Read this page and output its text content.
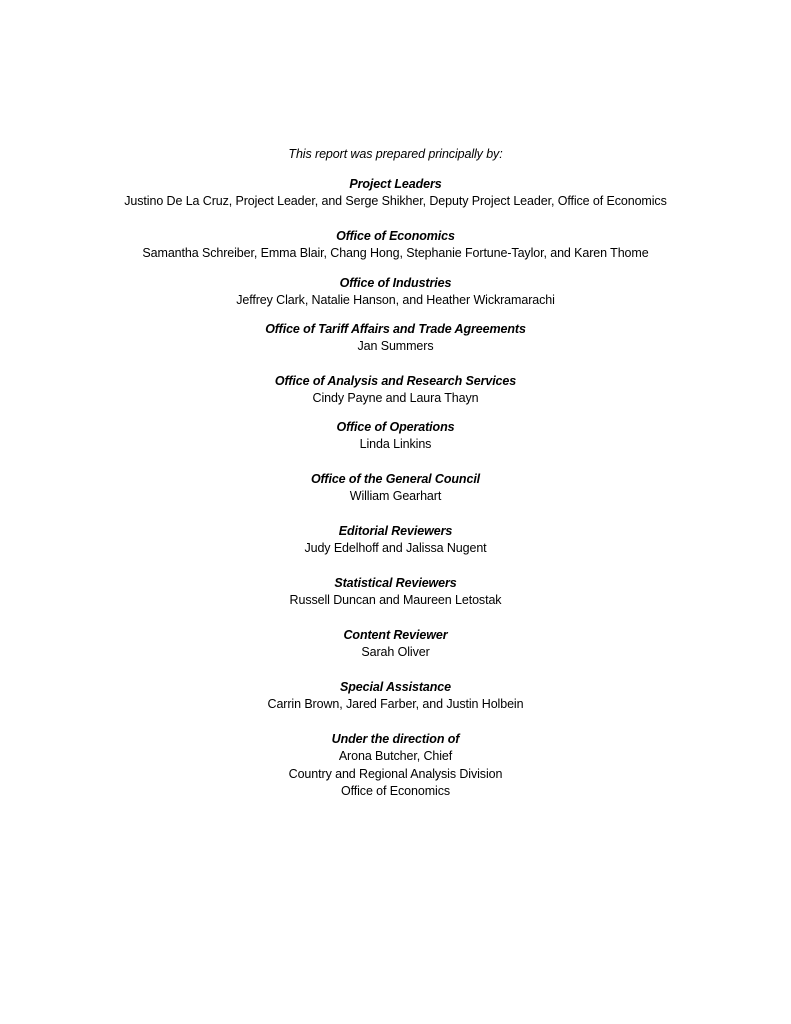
This report was prepared principally by:
Project Leaders
Justino De La Cruz, Project Leader, and Serge Shikher, Deputy Project Leader, Office of Economics
Office of Economics
Samantha Schreiber, Emma Blair, Chang Hong, Stephanie Fortune-Taylor, and Karen Thome
Office of Industries
Jeffrey Clark, Natalie Hanson, and Heather Wickramarachi
Office of Tariff Affairs and Trade Agreements
Jan Summers
Office of Analysis and Research Services
Cindy Payne and Laura Thayn
Office of Operations
Linda Linkins
Office of the General Council
William Gearhart
Editorial Reviewers
Judy Edelhoff and Jalissa Nugent
Statistical Reviewers
Russell Duncan and Maureen Letostak
Content Reviewer
Sarah Oliver
Special Assistance
Carrin Brown, Jared Farber, and Justin Holbein
Under the direction of
Arona Butcher, Chief
Country and Regional Analysis Division
Office of Economics
